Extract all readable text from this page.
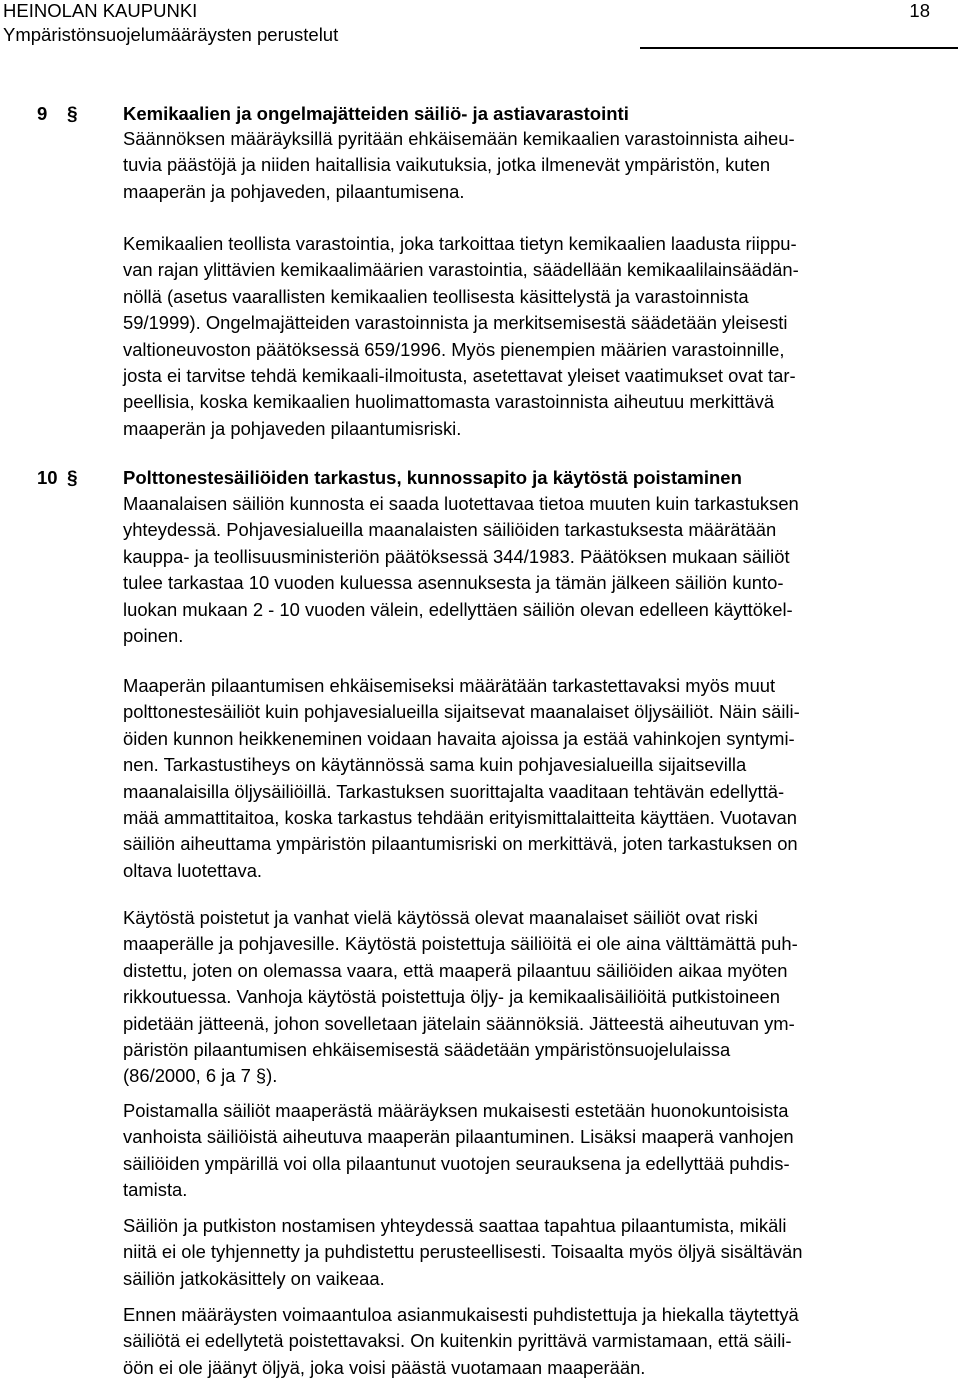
HEINOLAN KAUPUNKI
Ympäristönsuojelumääräysten perustelut
18
9 § Kemikaalien ja ongelmajätteiden säiliö- ja astiavarastointi
Säännöksen määräyksillä pyritään ehkäisemään kemikaalien varastoinnista aiheu-
tuvia päästöjä ja niiden haitallisia vaikutuksia, jotka ilmenevät ympäristön, kuten
maaperän ja pohjaveden, pilaantumisena.
Kemikaalien teollista varastointia, joka tarkoittaa tietyn kemikaalien laadusta riippu-
van rajan ylittävien kemikaalimäärien varastointia, säädellään kemikaalilainsäädän-
nöllä (asetus vaarallisten kemikaalien teollisesta käsittelystä ja varastoinnista
59/1999). Ongelmajätteiden varastoinnista ja merkitsemisestä säädetään yleisesti
valtioneuvoston päätöksessä 659/1996. Myös pienempien määrien varastoinnille,
josta ei tarvitse tehdä kemikaali-ilmoitusta, asetettavat yleiset vaatimukset ovat tar-
peellisia, koska kemikaalien huolimattomasta varastoinnista aiheutuu merkittävä
maaperän ja pohjaveden pilaantumisriski.
10 § Polttonestesäiliöiden tarkastus, kunnossapito ja käytöstä poistaminen
Maanalaisen säiliön kunnosta ei saada luotettavaa tietoa muuten kuin tarkastuksen
yhteydessä. Pohjavesialueilla maanalaisten säiliöiden tarkastuksesta määrätään
kauppa- ja teollisuusministeriön päätöksessä 344/1983. Päätöksen mukaan säiliöt
tulee tarkastaa 10 vuoden kuluessa asennuksesta ja tämän jälkeen säiliön kunto-
luokan mukaan 2 - 10 vuoden välein, edellyttäen säiliön olevan edelleen käyttökel-
poinen.
Maaperän pilaantumisen ehkäisemiseksi määrätään tarkastettavaksi myös muut
polttonestesäiliöt kuin pohjavesialueilla sijaitsevat maanalaiset öljysäiliöt. Näin säili-
öiden kunnon heikkeneminen voidaan havaita ajoissa ja estää vahinkojen syntymi-
nen. Tarkastustiheys on käytännössä sama kuin pohjavesialueilla sijaitsevilla
maanalaisilla öljysäiliöillä. Tarkastuksen suorittajalta vaaditaan tehtävän edellyttä-
mää ammattitaitoa, koska tarkastus tehdään erityismittalaitteita käyttäen. Vuotavan
säiliön aiheuttama ympäristön pilaantumisriski on merkittävä, joten tarkastuksen on
oltava luotettava.
Käytöstä poistetut ja vanhat vielä käytössä olevat maanalaiset säiliöt ovat riski
maaperälle ja pohjavesille. Käytöstä poistettuja säiliöitä ei ole aina välttämättä puh-
distettu, joten on olemassa vaara, että maaperä pilaantuu säiliöiden aikaa myöten
rikkoutuessa. Vanhoja käytöstä poistettuja öljy- ja kemikaalisäiliöitä putkistoineen
pidetään jätteenä, johon sovelletaan jätelain säännöksiä. Jätteestä aiheutuvan ym-
päristön pilaantumisen ehkäisemisestä säädetään ympäristönsuojelulaissa
(86/2000, 6 ja 7 §).
Poistamalla säiliöt maaperästä määräyksen mukaisesti estetään huonokuntoisista
vanhoista säiliöistä aiheutuva maaperän pilaantuminen. Lisäksi maaperä vanhojen
säiliöiden ympärillä voi olla pilaantunut vuotojen seurauksena ja edellyttää puhdis-
tamista.
Säiliön ja putkiston nostamisen yhteydessä saattaa tapahtua pilaantumista, mikäli
niitä ei ole tyhjennetty ja puhdistettu perusteellisesti. Toisaalta myös öljyä sisältävän
säiliön jatkokäsittely on vaikeaa.
Ennen määräysten voimaantuloa asianmukaisesti puhdistettuja ja hiekalla täytettyä
säiliötä ei edellytetä poistettavaksi. On kuitenkin pyrittävä varmistamaan, että säili-
öön ei ole jäänyt öljyä, joka voisi päästä vuotamaan maaperään.
